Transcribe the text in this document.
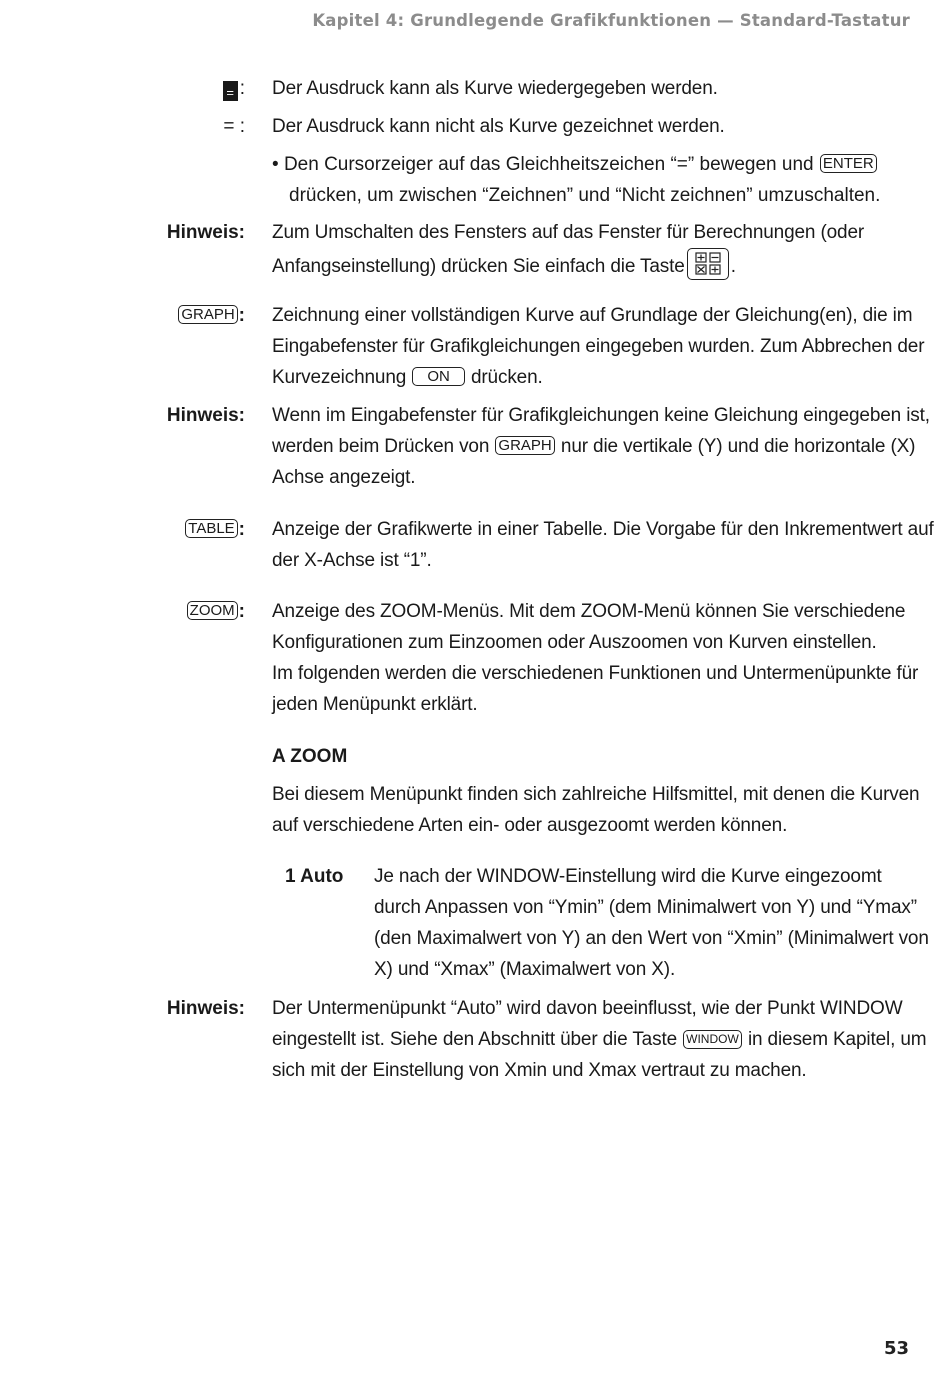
Kapitel 4: Grundlegende Grafikfunktionen — Standard-Tastatur
= : Der Ausdruck kann als Kurve wiedergegeben werden.
= : Der Ausdruck kann nicht als Kurve gezeichnet werden.
• Den Cursorzeiger auf das Gleichheitszeichen “=” bewegen und ENTER
drücken, um zwischen “Zeichnen” und “Nicht zeichnen” umzuschalten.
Hinweis: Zum Umschalten des Fensters auf das Fenster für Berechnungen (oder
Anfangseinstellung) drücken Sie einfach die Taste .
GRAPH : Zeichnung einer vollständigen Kurve auf Grundlage der Gleichung(en), die im
Eingabefenster für Grafikgleichungen eingegeben wurden. Zum Abbrechen der
Kurvezeichnung ON drücken.
Hinweis: Wenn im Eingabefenster für Grafikgleichungen keine Gleichung eingegeben ist,
werden beim Drücken von GRAPH nur die vertikale (Y) und die horizontale (X)
Achse angezeigt.
TABLE : Anzeige der Grafikwerte in einer Tabelle. Die Vorgabe für den Inkrementwert auf
der X-Achse ist “1”.
ZOOM : Anzeige des ZOOM-Menüs. Mit dem ZOOM-Menü können Sie verschiedene
Konfigurationen zum Einzoomen oder Auszoomen von Kurven einstellen.
Im folgenden werden die verschiedenen Funktionen und Untermenüpunkte für
jeden Menüpunkt erklärt.
A ZOOM
Bei diesem Menüpunkt finden sich zahlreiche Hilfsmittel, mit denen die Kurven
auf verschiedene Arten ein- oder ausgezoomt werden können.
1 Auto Je nach der WINDOW-Einstellung wird die Kurve eingezoomt
durch Anpassen von “Ymin” (dem Minimalwert von Y) und “Ymax”
(den Maximalwert von Y) an den Wert von “Xmin” (Minimalwert von
X) und “Xmax” (Maximalwert von X).
Hinweis: Der Untermenüpunkt “Auto” wird davon beeinflusst, wie der Punkt WINDOW
eingestellt ist. Siehe den Abschnitt über die Taste WINDOW in diesem Kapitel, um
sich mit der Einstellung von Xmin und Xmax vertraut zu machen.
53
